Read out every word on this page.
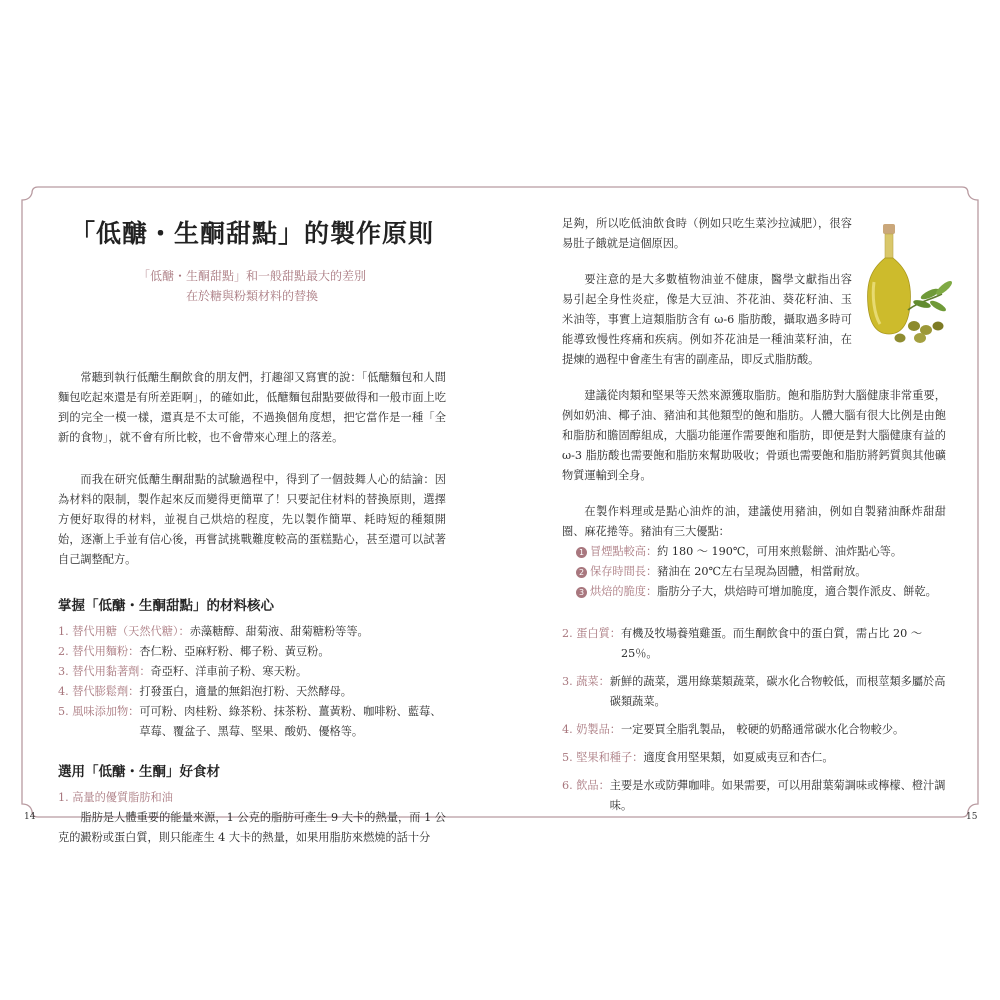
「低醣・生酮甜點」的製作原則
「低醣・生酮甜點」和一般甜點最大的差別
在於糖與粉類材料的替換

常聽到執行低醣生酮飲食的朋友們，打趣卻又寫實的說：「低醣麵包和人間麵包吃起來還是有所差距啊」，的確如此，低醣麵包甜點要做得和一般市面上吃到的完全一模一樣，還真是不太可能，不過換個角度想，把它當作是一種「全新的食物」，就不會有所比較，也不會帶來心理上的落差。

而我在研究低醣生酮甜點的試驗過程中，得到了一個鼓舞人心的結論：因為材料的限制，製作起來反而變得更簡單了！只要記住材料的替換原則，選擇方便好取得的材料，並視自己烘焙的程度，先以製作簡單、耗時短的種類開始，逐漸上手並有信心後，再嘗試挑戰難度較高的蛋糕點心，甚至還可以試著自己調整配方。

掌握「低醣・生酮甜點」的材料核心
1. 替代用糖（天然代糖）： 赤藻糖醇、甜菊液、甜菊糖粉等等。
2. 替代用麵粉： 杏仁粉、亞麻籽粉、椰子粉、黃豆粉。
3. 替代用黏著劑： 奇亞籽、洋車前子粉、寒天粉。
4. 替代膨鬆劑： 打發蛋白，適量的無鋁泡打粉、天然酵母。
5. 風味添加物： 可可粉、肉桂粉、綠茶粉、抹茶粉、薑黃粉、咖啡粉、藍莓、草莓、覆盆子、黑莓、堅果、酸奶、優格等。
選用「低醣・生酮」好食材
1. 高量的優質脂肪和油

脂肪是人體重要的能量來源，1 公克的脂肪可產生 9 大卡的熱量，而 1 公克的澱粉或蛋白質，則只能產生 4 大卡的熱量，如果用脂肪來燃燒的話十分

足夠，所以吃低油飲食時（例如只吃生菜沙拉減肥），很容易肚子餓就是這個原因。

要注意的是大多數植物油並不健康，醫學文獻指出容易引起全身性炎症，像是大豆油、芥花油、葵花籽油、玉米油等，事實上這類脂肪含有 ω-6 脂肪酸，攝取過多時可能導致慢性疼痛和疾病。例如芥花油是一種油菜籽油，在提煉的過程中會產生有害的副產品，即反式脂肪酸。

建議從肉類和堅果等天然來源獲取脂肪。飽和脂肪對大腦健康非常重要，例如奶油、椰子油、豬油和其他類型的飽和脂肪。人體大腦有很大比例是由飽和脂肪和膽固醇組成，大腦功能運作需要飽和脂肪，即便是對大腦健康有益的 ω-3 脂肪酸也需要飽和脂肪來幫助吸收；骨頭也需要飽和脂肪將鈣質與其他礦物質運輸到全身。

在製作料理或是點心油炸的油，建議使用豬油，例如自製豬油酥炸甜甜圈、麻花捲等。豬油有三大優點：

1 冒煙點較高：約 180 ～ 190℃，可用來煎鬆餅、油炸點心等。
2 保存時間長：豬油在 20℃左右呈現為固體，相當耐放。
3 烘焙的脆度：脂肪分子大，烘焙時可增加脆度，適合製作派皮、餅乾。
2. 蛋白質： 有機及牧場養殖雞蛋。而生酮飲食中的蛋白質，需占比 20 ～ 25％。
3. 蔬菜： 新鮮的蔬菜，選用綠葉類蔬菜，碳水化合物較低，而根莖類多屬於高碳類蔬菜。
4. 奶製品： 一定要買全脂乳製品， 較硬的奶酪通常碳水化合物較少。
5. 堅果和種子： 適度食用堅果類，如夏威夷豆和杏仁。
6. 飲品： 主要是水或防彈咖啡。如果需要，可以用甜葉菊調味或檸檬、橙汁調味。
14	15
